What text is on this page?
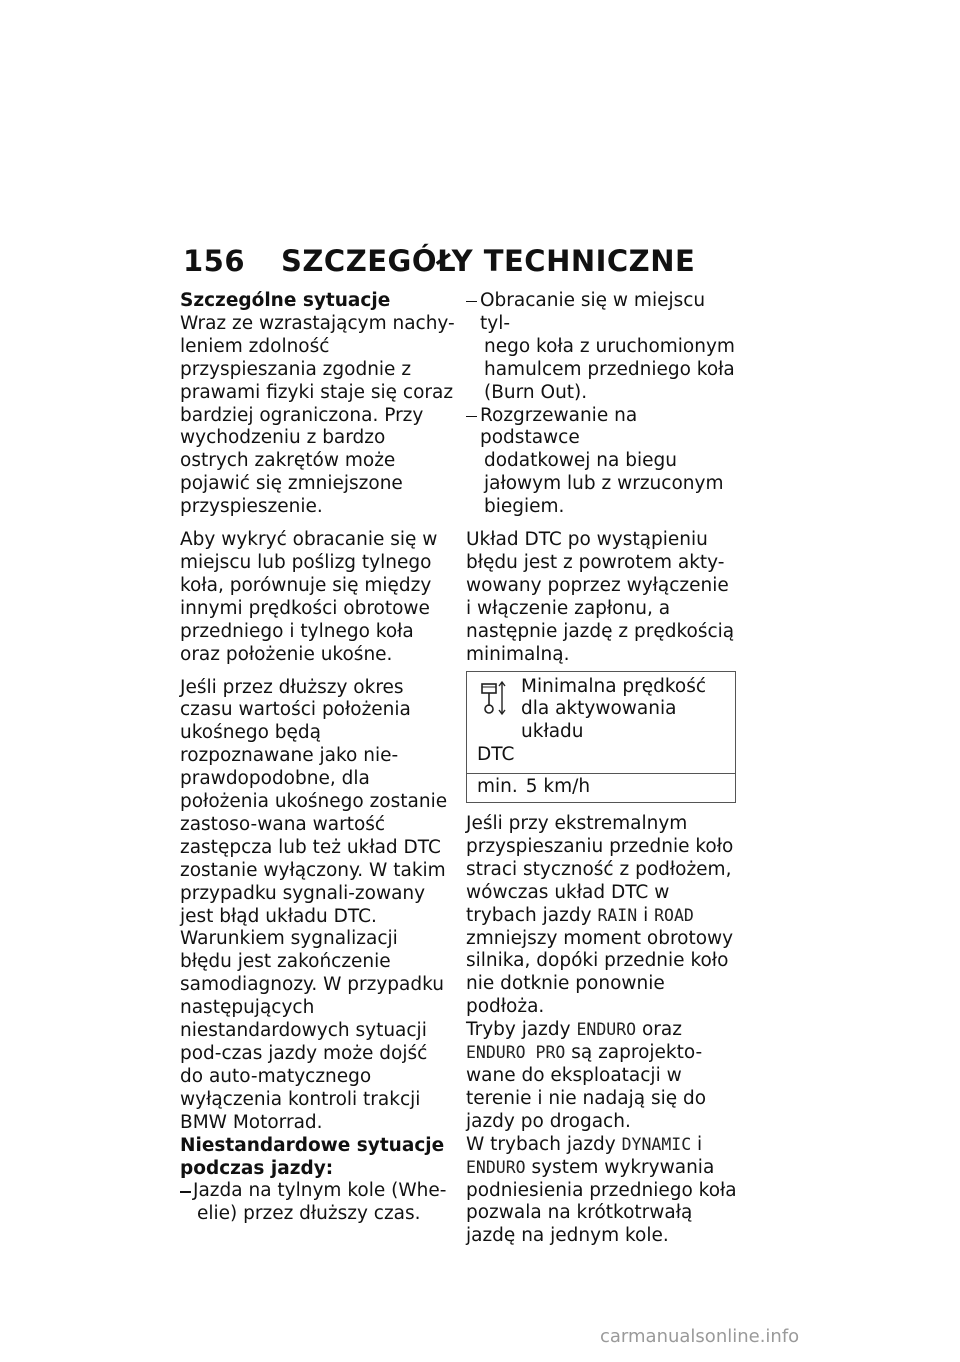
156 SZCZEGÓŁY TECHNICZNE

Szczególne sytuacje

Wraz ze wzrastającym nachy-leniem zdolność przyspieszania zgodnie z prawami fizyki staje się coraz bardziej ograniczona. Przy wychodzeniu z bardzo ostrych zakrętów może pojawić się zmniejszone przyspieszenie.

Aby wykryć obracanie się w miejscu lub poślizg tylnego koła, porównuje się między innymi prędkości obrotowe przedniego i tylnego koła oraz położenie ukośne.

Jeśli przez dłuższy okres czasu wartości położenia ukośnego będą rozpoznawane jako nie-prawdopodobne, dla położenia ukośnego zostanie zastoso-wana wartość zastępcza lub też układ DTC zostanie wyłączony. W takim przypadku sygnali-zowany jest błąd układu DTC. Warunkiem sygnalizacji błędu jest zakończenie samodiagnozy. W przypadku następujących niestandardowych sytuacji pod-czas jazdy może dojść do auto-matycznego wyłączenia kontroli trakcji BMW Motorrad.

Niestandardowe sytuacje podczas jazdy:

Jazda na tylnym kole (Whe-
elie) przez dłuższy czas.
Obracanie się w miejscu tyl-
nego koła z uruchomionym hamulcem przedniego koła (Burn Out).
Rozgrzewanie na podstawce
dodatkowej na biegu jałowym lub z wrzuconym biegiem.

Układ DTC po wystąpieniu błędu jest z powrotem akty-wowany poprzez wyłączenie i włączenie zapłonu, a następnie jazdę z prędkością minimalną.

Minimalna prędkość dla aktywowania układu

DTC

min. 5 km/h

Jeśli przy ekstremalnym przyspieszaniu przednie koło straci styczność z podłożem, wówczas układ DTC w trybach jazdy RAIN i ROAD zmniejszy moment obrotowy silnika, dopóki przednie koło nie dotknie ponownie podłoża.

Tryby jazdy ENDURO oraz ENDURO PRO są zaprojekto-wane do eksploatacji w terenie i nie nadają się do jazdy po drogach.

W trybach jazdy DYNAMIC i ENDURO system wykrywania podniesienia przedniego koła pozwala na krótkotrwałą jazdę na jednym kole.

carmanualsonline.info
